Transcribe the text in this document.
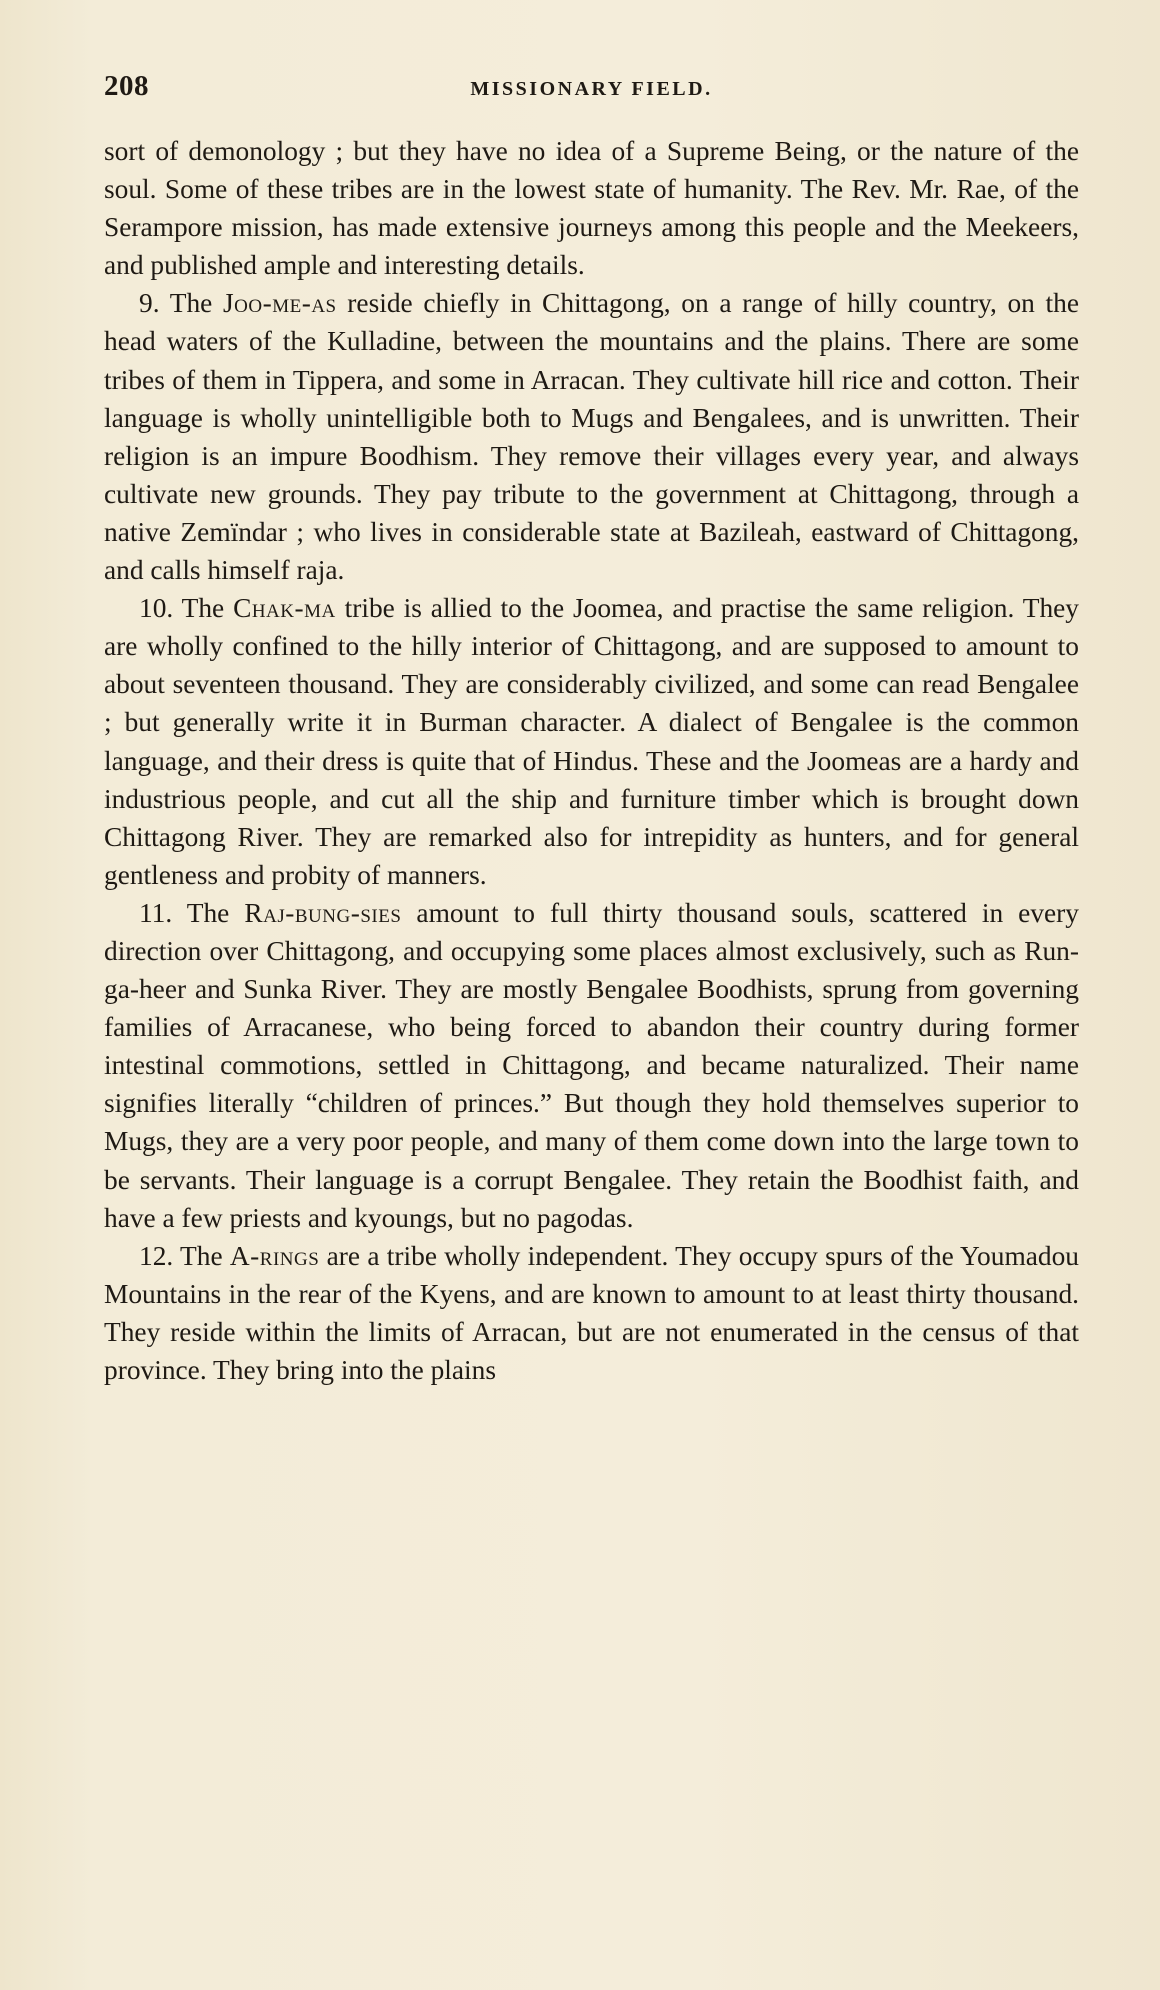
208	MISSIONARY FIELD.

sort of demonology ; but they have no idea of a Supreme Being, or the nature of the soul. Some of these tribes are in the lowest state of humanity. The Rev. Mr. Rae, of the Serampore mission, has made extensive journeys among this people and the Meekeers, and published ample and interesting details.

9. The Joo-me-as reside chiefly in Chittagong, on a range of hilly country, on the head waters of the Kulladine, between the mountains and the plains. There are some tribes of them in Tippera, and some in Arracan. They cultivate hill rice and cotton. Their language is wholly unintelligible both to Mugs and Bengalees, and is unwritten. Their religion is an impure Boodhism. They remove their villages every year, and always cultivate new grounds. They pay tribute to the government at Chittagong, through a native Zemïndar ; who lives in considerable state at Bazileah, eastward of Chittagong, and calls himself raja.

10. The Chak-ma tribe is allied to the Joomea, and practise the same religion. They are wholly confined to the hilly interior of Chittagong, and are supposed to amount to about seventeen thousand. They are considerably civilized, and some can read Bengalee ; but generally write it in Burman character. A dialect of Bengalee is the common language, and their dress is quite that of Hindus. These and the Joomeas are a hardy and industrious people, and cut all the ship and furniture timber which is brought down Chittagong River. They are remarked also for intrepidity as hunters, and for general gentleness and probity of manners.

11. The Raj-bung-sies amount to full thirty thousand souls, scattered in every direction over Chittagong, and occupying some places almost exclusively, such as Run-ga-heer and Sunka River. They are mostly Bengalee Boodhists, sprung from governing families of Arracanese, who being forced to abandon their country during former intestinal commotions, settled in Chittagong, and became naturalized. Their name signifies literally “children of princes.” But though they hold themselves superior to Mugs, they are a very poor people, and many of them come down into the large town to be servants. Their language is a corrupt Bengalee. They retain the Boodhist faith, and have a few priests and kyoungs, but no pagodas.

12. The A-rings are a tribe wholly independent. They occupy spurs of the Youmadou Mountains in the rear of the Kyens, and are known to amount to at least thirty thousand. They reside within the limits of Arracan, but are not enumerated in the census of that province. They bring into the plains
